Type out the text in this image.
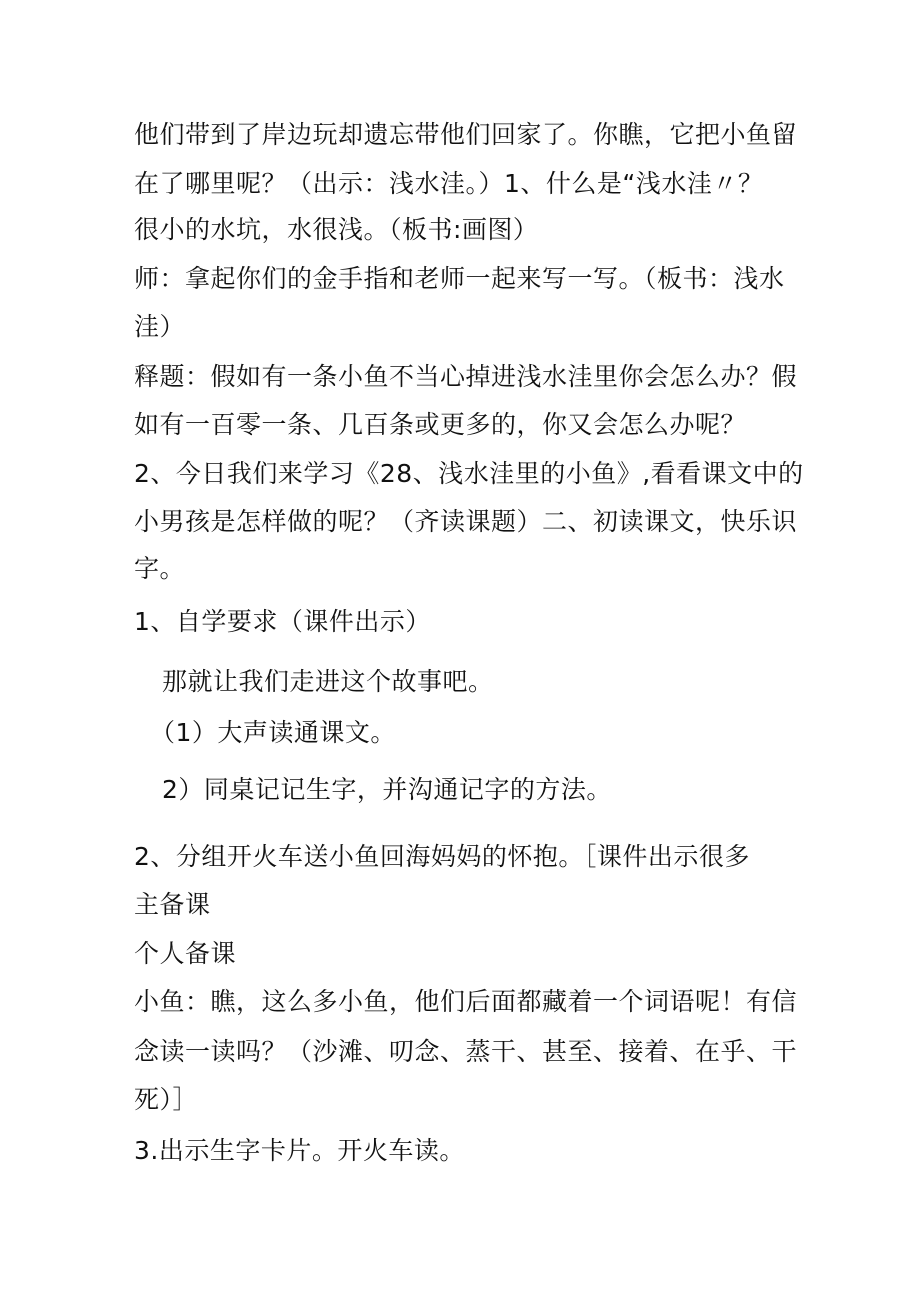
他们带到了岸边玩却遗忘带他们回家了。你瞧，它把小鱼留
在了哪里呢？（出示：浅水洼。）1、什么是“浅水洼〃？
很小的水坑，水很浅。（板书:画图）
师：拿起你们的金手指和老师一起来写一写。（板书：浅水
洼）
释题：假如有一条小鱼不当心掉进浅水洼里你会怎么办？假
如有一百零一条、几百条或更多的，你又会怎么办呢？
2、今日我们来学习《28、浅水洼里的小鱼》,看看课文中的
小男孩是怎样做的呢？（齐读课题）二、初读课文，快乐识
字。
1、自学要求（课件出示）
那就让我们走进这个故事吧。
（1）大声读通课文。
2）同桌记记生字，并沟通记字的方法。
2、分组开火车送小鱼回海妈妈的怀抱。［课件出示很多
主备课
个人备课
小鱼：瞧，这么多小鱼，他们后面都藏着一个词语呢！有信
念读一读吗？（沙滩、叨念、蒸干、甚至、接着、在乎、干
死）］
3.出示生字卡片。开火车读。
